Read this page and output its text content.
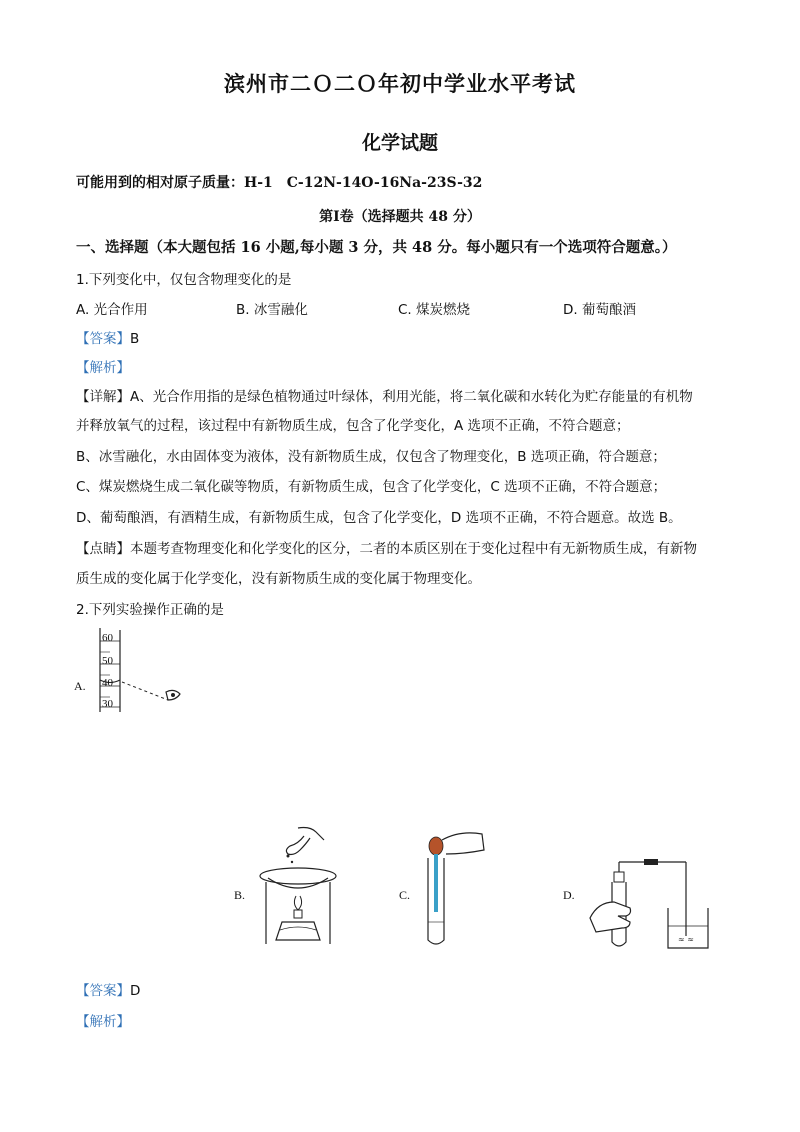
滨州市二Ｏ二Ｏ年初中学业水平考试
化学试题
可能用到的相对原子质量：H-1　C-12N-14O-16Na-23S-32
第Ⅰ卷（选择题共 48 分）
一、选择题（本大题包括 16 小题,每小题 3 分，共 48 分。每小题只有一个选项符合题意。）
1.下列变化中，仅包含物理变化的是
A. 光合作用	B. 冰雪融化	C. 煤炭燃烧	D. 葡萄酿酒
【答案】B
【解析】
【详解】A、光合作用指的是绿色植物通过叶绿体，利用光能，将二氧化碳和水转化为贮存能量的有机物
并释放氧气的过程，该过程中有新物质生成，包含了化学变化，A 选项不正确，不符合题意；
B、冰雪融化，水由固体变为液体，没有新物质生成，仅包含了物理变化，B 选项正确，符合题意；
C、煤炭燃烧生成二氧化碳等物质，有新物质生成，包含了化学变化，C 选项不正确，不符合题意；
D、葡萄酿酒，有酒精生成，有新物质生成，包含了化学变化，D 选项不正确，不符合题意。故选 B。
【点睛】本题考查物理变化和化学变化的区分，二者的本质区别在于变化过程中有无新物质生成，有新物
质生成的变化属于化学变化，没有新物质生成的变化属于物理变化。
2.下列实验操作正确的是
A.
60
50
40
30
B.	C.	D.
≈ ≈
【答案】D
【解析】
